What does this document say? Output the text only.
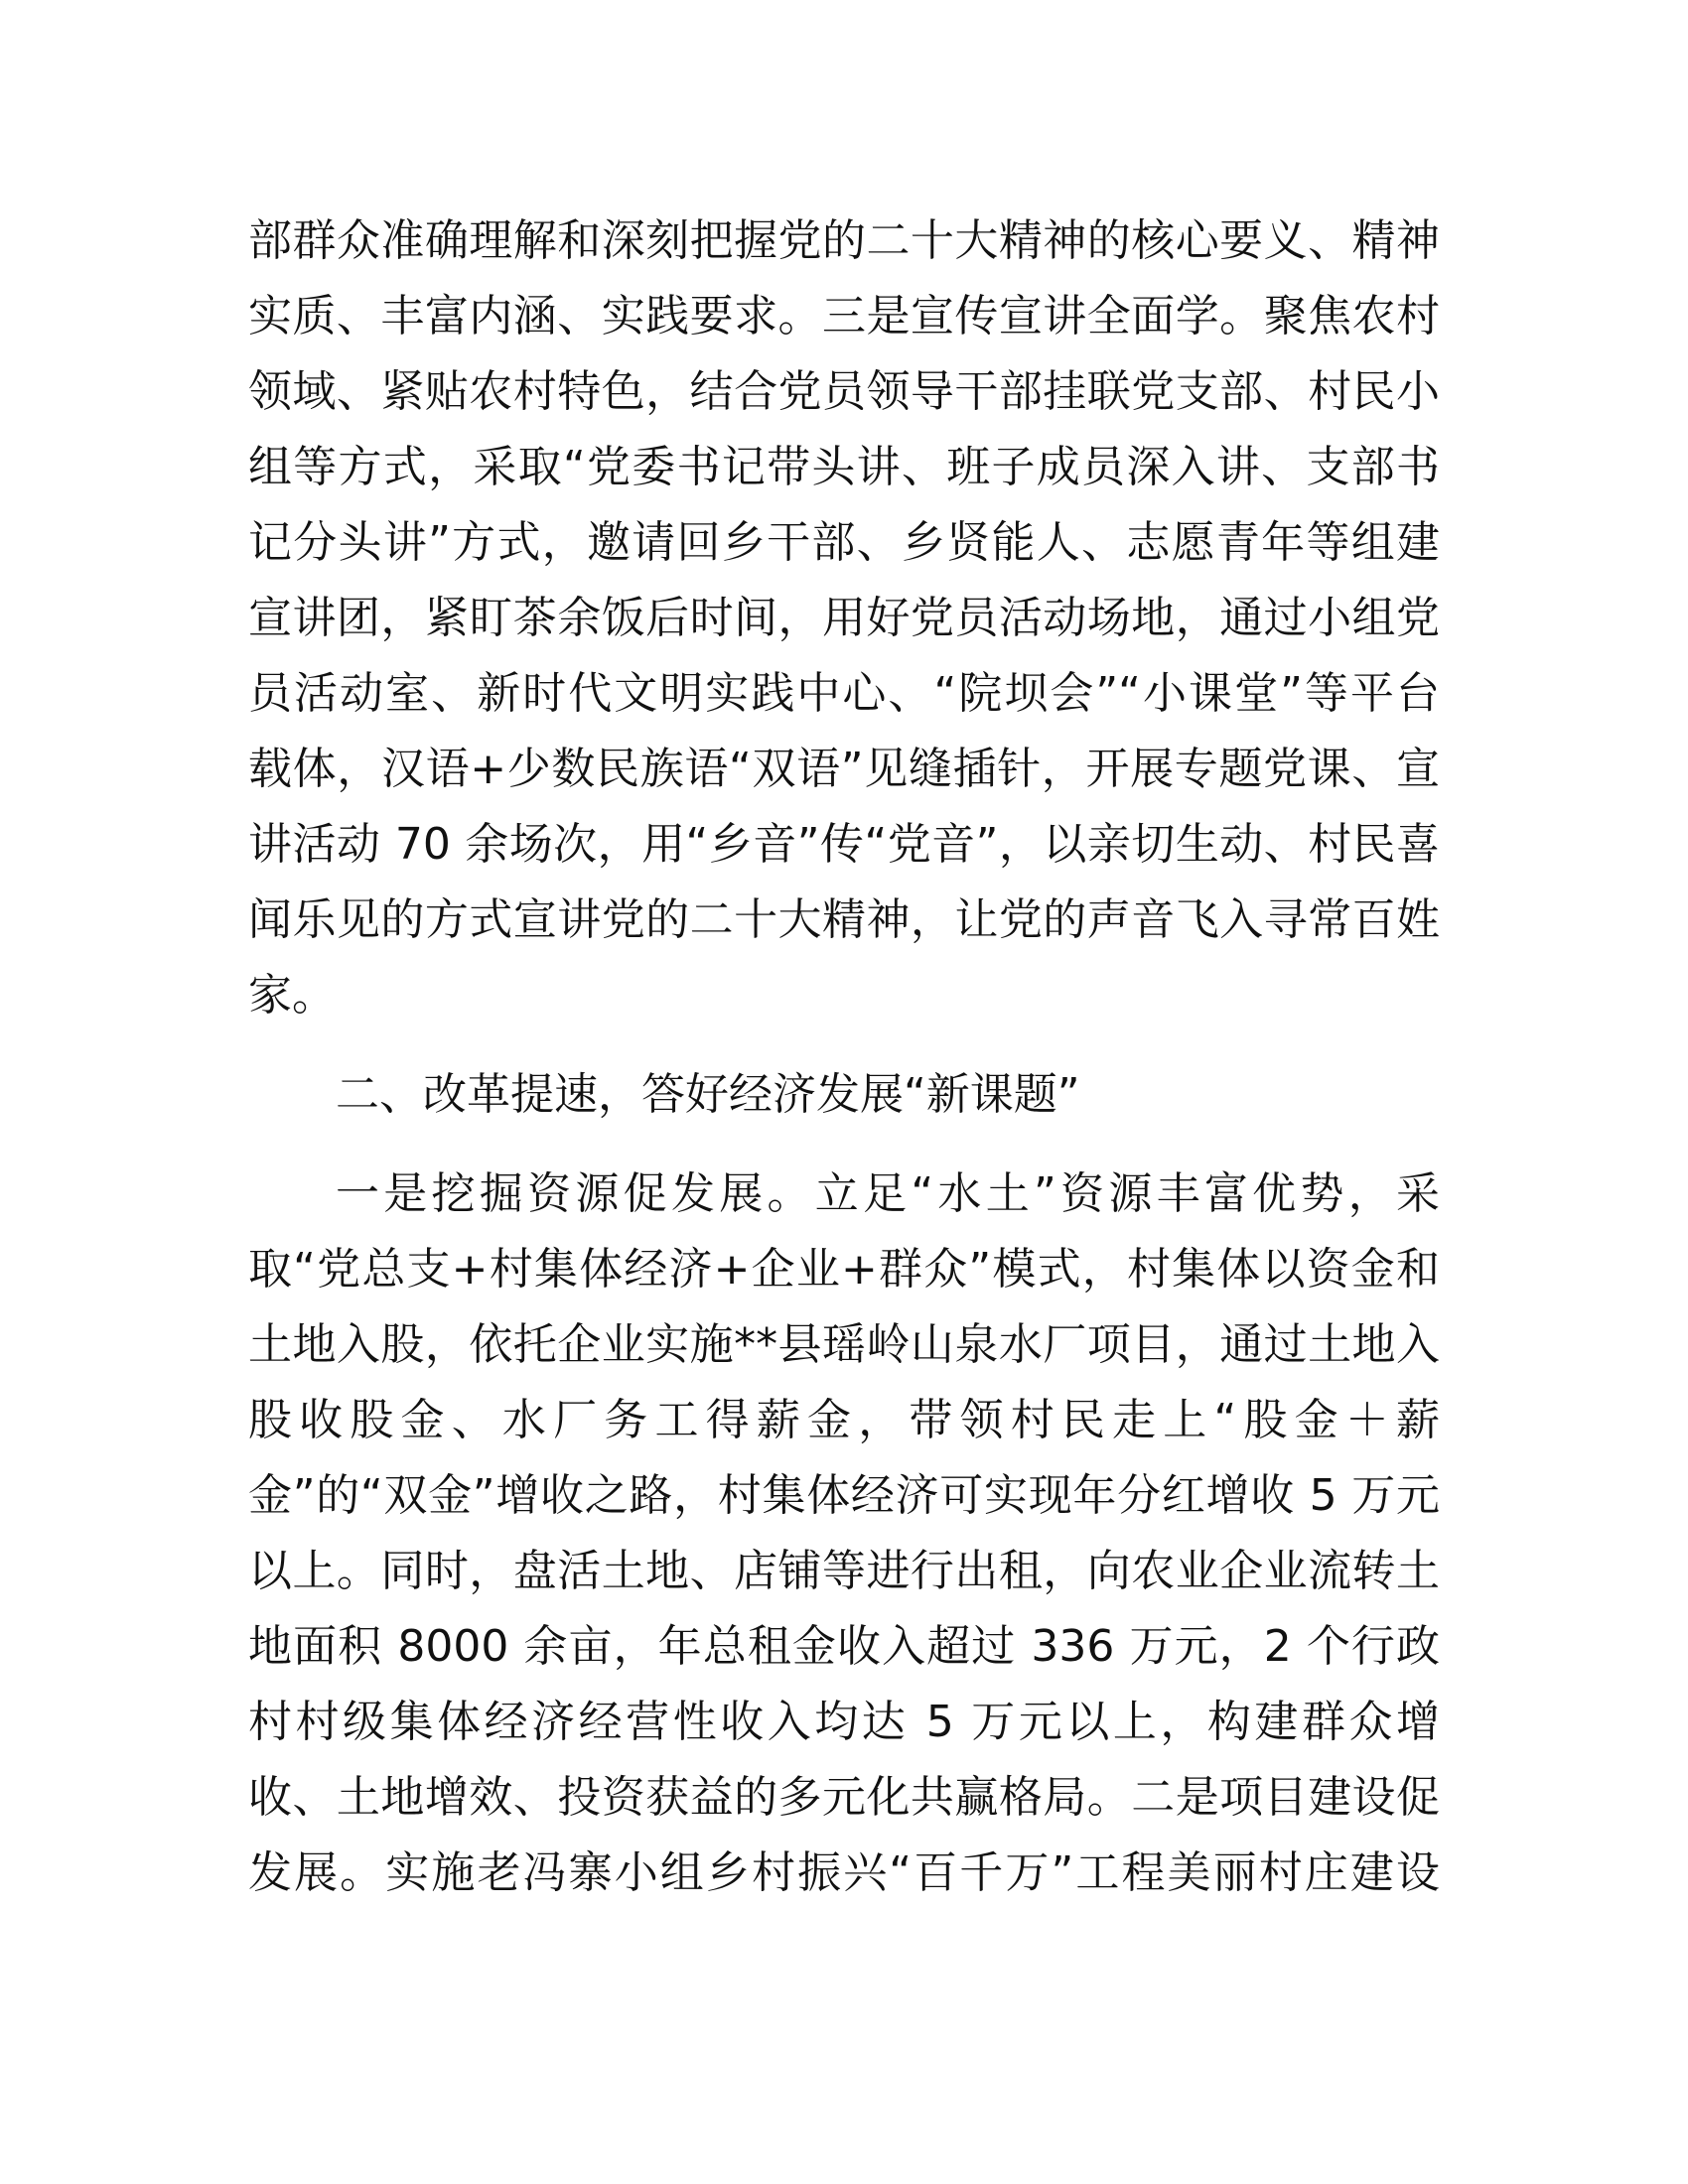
部群众准确理解和深刻把握党的二十大精神的核心要义、精神
实质、丰富内涵、实践要求。三是宣传宣讲全面学。聚焦农村
领域、紧贴农村特色，结合党员领导干部挂联党支部、村民小
组等方式，采取“党委书记带头讲、班子成员深入讲、支部书
记分头讲”方式，邀请回乡干部、乡贤能人、志愿青年等组建
宣讲团，紧盯茶余饭后时间，用好党员活动场地，通过小组党
员活动室、新时代文明实践中心、“院坝会”“小课堂”等平台
载体，汉语+少数民族语“双语”见缝插针，开展专题党课、宣
讲活动 70 余场次，用“乡音”传“党音”，以亲切生动、村民喜
闻乐见的方式宣讲党的二十大精神，让党的声音飞入寻常百姓
家。
二、改革提速，答好经济发展“新课题”
一是挖掘资源促发展。立足“水土”资源丰富优势，采
取“党总支+村集体经济+企业+群众”模式，村集体以资金和
土地入股，依托企业实施**县瑶岭山泉水厂项目，通过土地入
股收股金、水厂务工得薪金，带领村民走上“股金＋薪
金”的“双金”增收之路，村集体经济可实现年分红增收 5 万元
以上。同时，盘活土地、店铺等进行出租，向农业企业流转土
地面积 8000 余亩，年总租金收入超过 336 万元，2 个行政
村村级集体经济经营性收入均达 5 万元以上，构建群众增
收、土地增效、投资获益的多元化共赢格局。二是项目建设促
发展。实施老冯寨小组乡村振兴“百千万”工程美丽村庄建设
